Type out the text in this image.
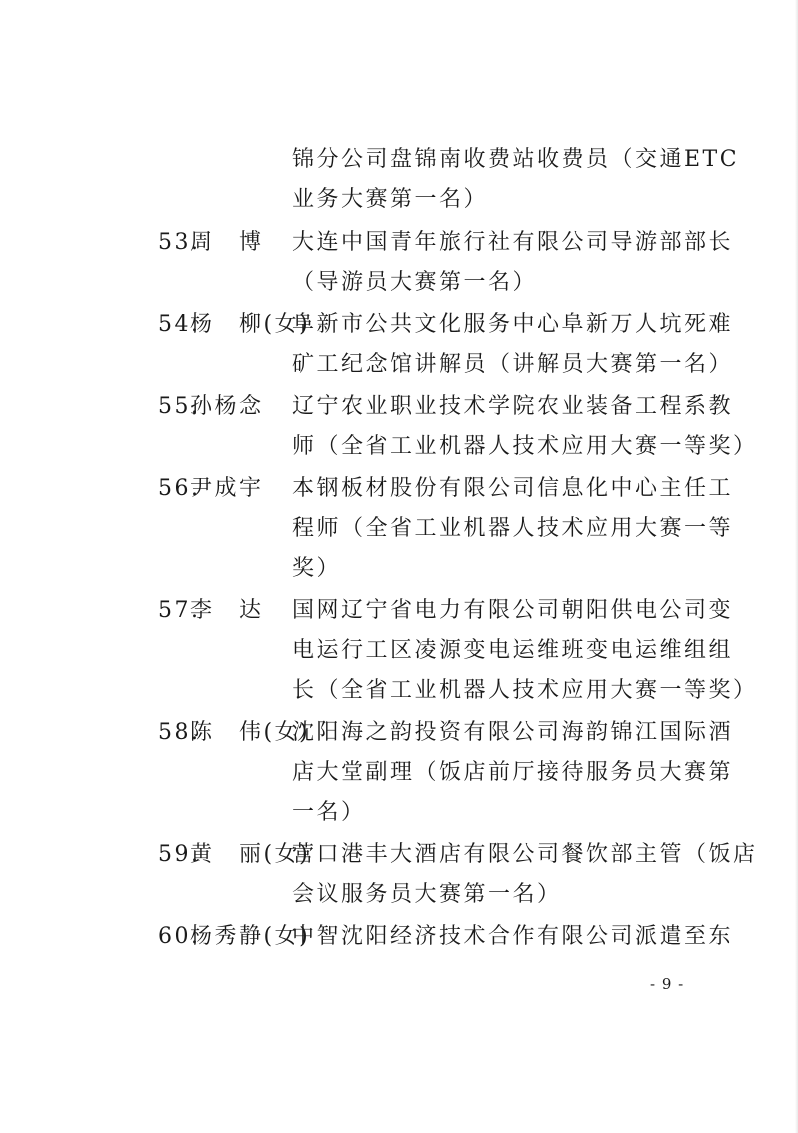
锦分公司盘锦南收费站收费员（交通ETC
业务大赛第一名）
53.
周　博 大连中国青年旅行社有限公司导游部部长
（导游员大赛第一名）
54.
杨　柳(女)
阜新市公共文化服务中心阜新万人坑死难
矿工纪念馆讲解员（讲解员大赛第一名）
55.
孙杨念 辽宁农业职业技术学院农业装备工程系教
师（全省工业机器人技术应用大赛一等奖）
56.
尹成宇 本钢板材股份有限公司信息化中心主任工
程师（全省工业机器人技术应用大赛一等
奖）
57.
李　达 国网辽宁省电力有限公司朝阳供电公司变
电运行工区凌源变电运维班变电运维组组
长（全省工业机器人技术应用大赛一等奖）
58.
陈　伟(女)
沈阳海之韵投资有限公司海韵锦江国际酒
店大堂副理（饭店前厅接待服务员大赛第
一名）
59.
黄　丽(女)
营口港丰大酒店有限公司餐饮部主管（饭店
会议服务员大赛第一名）
60.
杨秀静(女)
中智沈阳经济技术合作有限公司派遣至东
- 9 -
